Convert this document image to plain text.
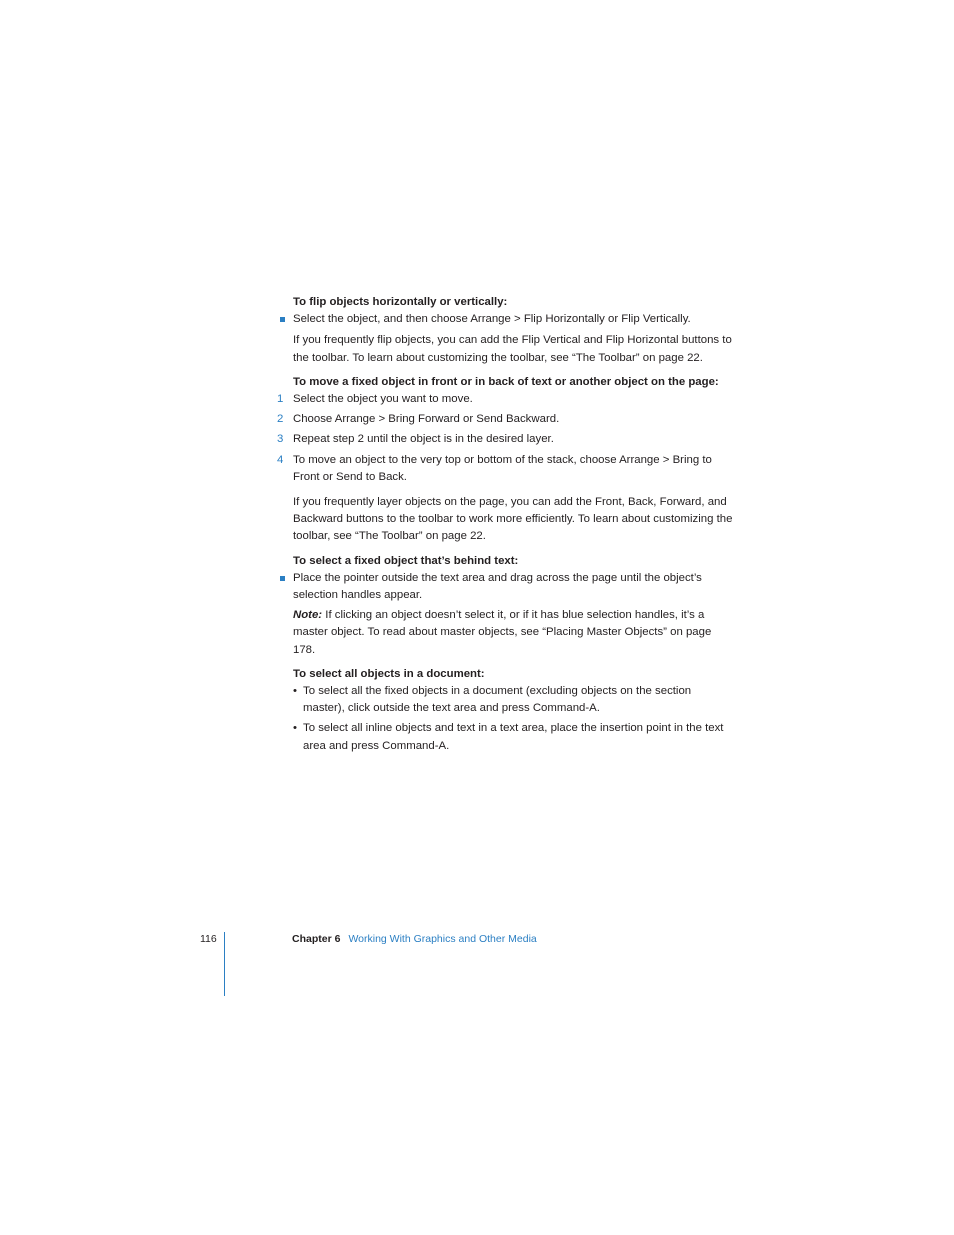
To flip objects horizontally or vertically:

Select the object, and then choose Arrange > Flip Horizontally or Flip Vertically.

If you frequently flip objects, you can add the Flip Vertical and Flip Horizontal buttons to the toolbar. To learn about customizing the toolbar, see “The Toolbar” on page 22.

To move a fixed object in front or in back of text or another object on the page:

1 Select the object you want to move.

2 Choose Arrange > Bring Forward or Send Backward.

3 Repeat step 2 until the object is in the desired layer.

4 To move an object to the very top or bottom of the stack, choose Arrange > Bring to Front or Send to Back.

If you frequently layer objects on the page, you can add the Front, Back, Forward, and Backward buttons to the toolbar to work more efficiently. To learn about customizing the toolbar, see “The Toolbar” on page 22.

To select a fixed object that’s behind text:

Place the pointer outside the text area and drag across the page until the object’s selection handles appear.

Note: If clicking an object doesn’t select it, or if it has blue selection handles, it’s a master object. To read about master objects, see “Placing Master Objects” on page 178.

To select all objects in a document:

• To select all the fixed objects in a document (excluding objects on the section master), click outside the text area and press Command-A.

• To select all inline objects and text in a text area, place the insertion point in the text area and press Command-A.

116	Chapter 6 Working With Graphics and Other Media
